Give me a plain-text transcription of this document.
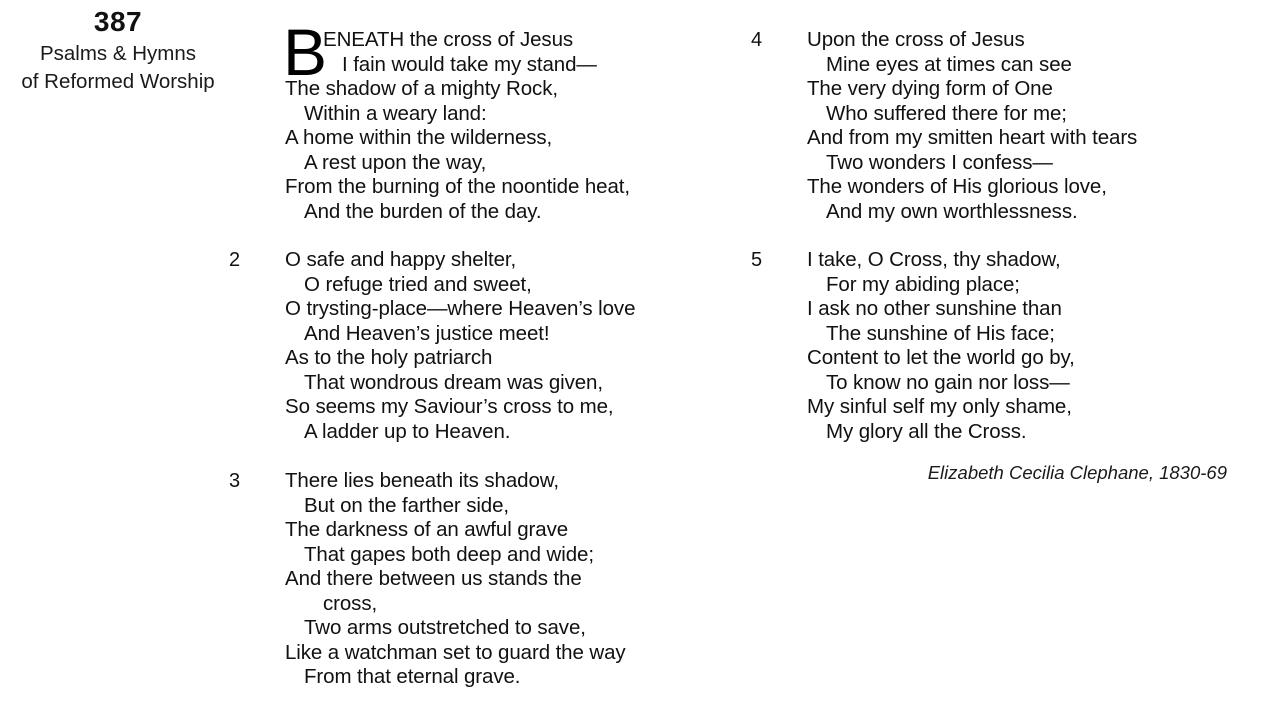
387
Psalms & Hymns
of Reformed Worship	B
ENEATH the cross of Jesus
I fain would take my stand—
The shadow of a mighty Rock,
Within a weary land:
A home within the wilderness,
A rest upon the way,
From the burning of the noontide heat,
And the burden of the day.
2 O safe and happy shelter,
O refuge tried and sweet,
O trysting-place—where Heaven’s love
And Heaven’s justice meet!
As to the holy patriarch
That wondrous dream was given,
So seems my Saviour’s cross to me,
A ladder up to Heaven.
3 There lies beneath its shadow,
But on the farther side,
The darkness of an awful grave
That gapes both deep and wide;
And there between us stands the
cross,
Two arms outstretched to save,
Like a watchman set to guard the way
From that eternal grave.
4 Upon the cross of Jesus
Mine eyes at times can see
The very dying form of One
Who suffered there for me;
And from my smitten heart with tears
Two wonders I confess—
The wonders of His glorious love,
And my own worthlessness.
5 I take, O Cross, thy shadow,
For my abiding place;
I ask no other sunshine than
The sunshine of His face;
Content to let the world go by,
To know no gain nor loss—
My sinful self my only shame,
My glory all the Cross.
Elizabeth Cecilia Clephane, 1830-69
